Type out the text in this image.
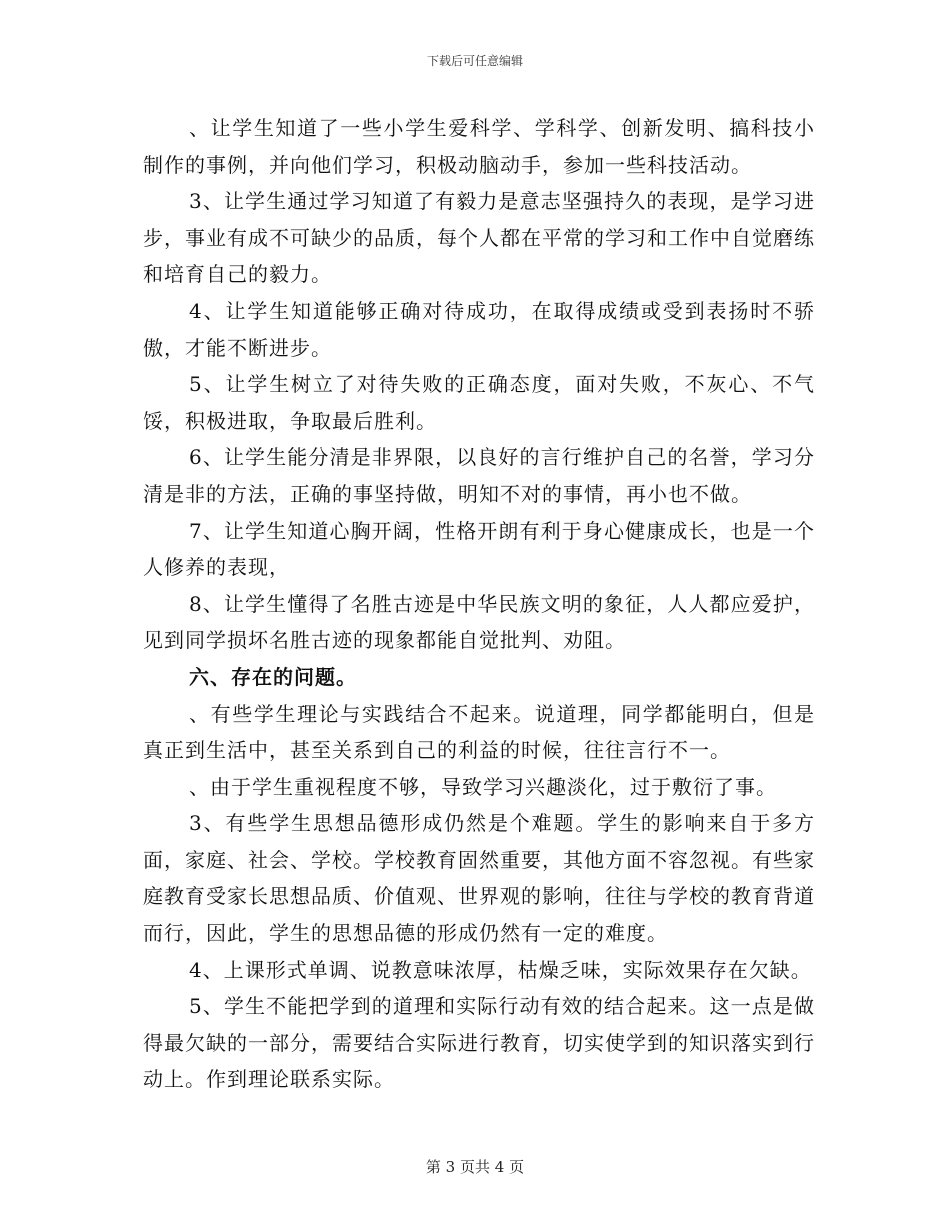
下载后可任意编辑

、让学生知道了一些小学生爱科学、学科学、创新发明、搞科技小制作的事例，并向他们学习，积极动脑动手，参加一些科技活动。

3、让学生通过学习知道了有毅力是意志坚强持久的表现，是学习进步，事业有成不可缺少的品质，每个人都在平常的学习和工作中自觉磨练和培育自己的毅力。

4、让学生知道能够正确对待成功，在取得成绩或受到表扬时不骄傲，才能不断进步。

5、让学生树立了对待失败的正确态度，面对失败，不灰心、不气馁，积极进取，争取最后胜利。

6、让学生能分清是非界限，以良好的言行维护自己的名誉，学习分清是非的方法，正确的事坚持做，明知不对的事情，再小也不做。

7、让学生知道心胸开阔，性格开朗有利于身心健康成长，也是一个人修养的表现，

8、让学生懂得了名胜古迹是中华民族文明的象征，人人都应爱护，见到同学损坏名胜古迹的现象都能自觉批判、劝阻。

六、存在的问题。

、有些学生理论与实践结合不起来。说道理，同学都能明白，但是真正到生活中，甚至关系到自己的利益的时候，往往言行不一。

、由于学生重视程度不够，导致学习兴趣淡化，过于敷衍了事。

3、有些学生思想品德形成仍然是个难题。学生的影响来自于多方面，家庭、社会、学校。学校教育固然重要，其他方面不容忽视。有些家庭教育受家长思想品质、价值观、世界观的影响，往往与学校的教育背道而行，因此，学生的思想品德的形成仍然有一定的难度。

4、上课形式单调、说教意味浓厚，枯燥乏味，实际效果存在欠缺。

5、学生不能把学到的道理和实际行动有效的结合起来。这一点是做得最欠缺的一部分，需要结合实际进行教育，切实使学到的知识落实到行动上。作到理论联系实际。

第 3 页共 4 页
